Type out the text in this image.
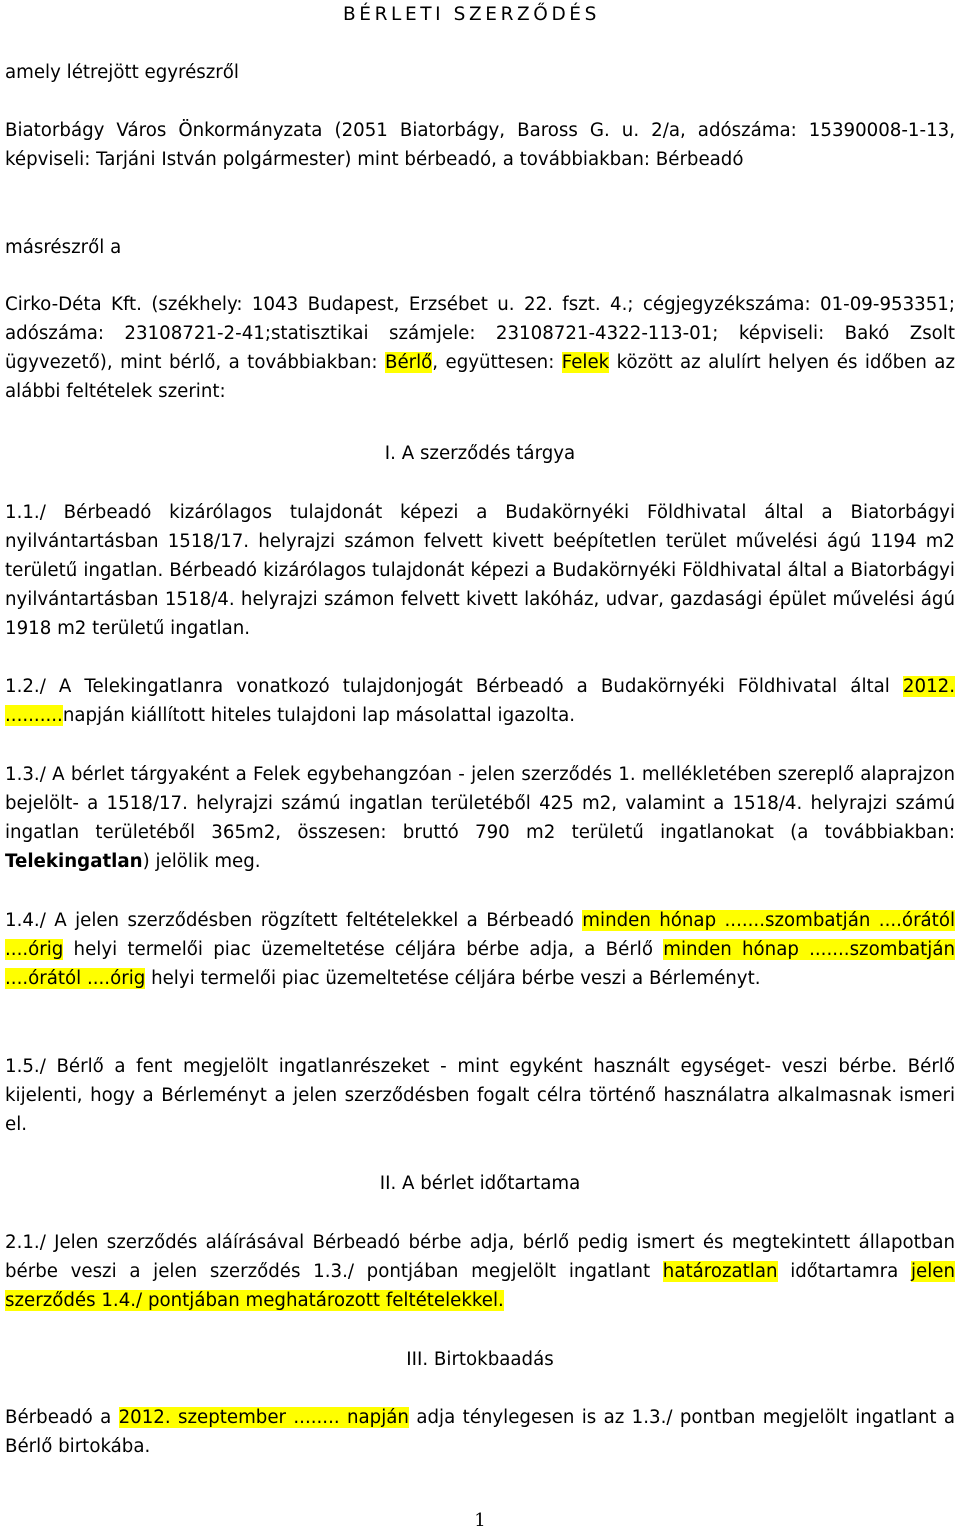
BÉRLETI SZERZŐDÉS
amely létrejött egyrészről
Biatorbágy Város Önkormányzata (2051 Biatorbágy, Baross G. u. 2/a, adószáma: 15390008-1-13, képviseli: Tarjáni István polgármester) mint bérbeadó, a továbbiakban: Bérbeadó
másrészről a
Cirko-Déta Kft. (székhely: 1043 Budapest, Erzsébet u. 22. fszt. 4.; cégjegyzékszáma: 01-09-953351; adószáma: 23108721-2-41;statisztikai számjele: 23108721-4322-113-01; képviseli: Bakó Zsolt ügyvezető), mint bérlő, a továbbiakban: Bérlő, együttesen: Felek között az alulírt helyen és időben az alábbi feltételek szerint:
I. A szerződés tárgya
1.1./ Bérbeadó kizárólagos tulajdonát képezi a Budakörnyéki Földhivatal által a Biatorbágyi nyilvántartásban 1518/17. helyrajzi számon felvett kivett beépítetlen terület művelési ágú 1194 m2 területű ingatlan. Bérbeadó kizárólagos tulajdonát képezi a Budakörnyéki Földhivatal által a Biatorbágyi nyilvántartásban 1518/4. helyrajzi számon felvett kivett lakóház, udvar, gazdasági épület művelési ágú 1918 m2 területű ingatlan.
1.2./ A Telekingatlanra vonatkozó tulajdonjogát Bérbeadó a Budakörnyéki Földhivatal által 2012. ..........napján kiállított hiteles tulajdoni lap másolattal igazolta.
1.3./ A bérlet tárgyaként a Felek egybehangzóan - jelen szerződés 1. mellékletében szereplő alaprajzon bejelölt- a 1518/17. helyrajzi számú ingatlan területéből 425 m2, valamint a 1518/4. helyrajzi számú ingatlan területéből 365m2, összesen: bruttó 790 m2 területű ingatlanokat (a továbbiakban: Telekingatlan) jelölik meg.
1.4./ A jelen szerződésben rögzített feltételekkel a Bérbeadó minden hónap .......szombatján ....órától ....órig helyi termelői piac üzemeltetése céljára bérbe adja, a Bérlő minden hónap .......szombatján ....órától ....órig helyi termelői piac üzemeltetése céljára bérbe veszi a Bérleményt.
1.5./ Bérlő a fent megjelölt ingatlanrészeket - mint egyként használt egységet- veszi bérbe. Bérlő kijelenti, hogy a Bérleményt a jelen szerződésben fogalt célra történő használatra alkalmasnak ismeri el.
II. A bérlet időtartama
2.1./ Jelen szerződés aláírásával Bérbeadó bérbe adja, bérlő pedig ismert és megtekintett állapotban bérbe veszi a jelen szerződés 1.3./ pontjában megjelölt ingatlant határozatlan időtartamra jelen szerződés 1.4./ pontjában meghatározott feltételekkel.
III. Birtokbaadás
Bérbeadó a 2012. szeptember ........ napján adja ténylegesen is az 1.3./ pontban megjelölt ingatlant a Bérlő birtokába.
1
